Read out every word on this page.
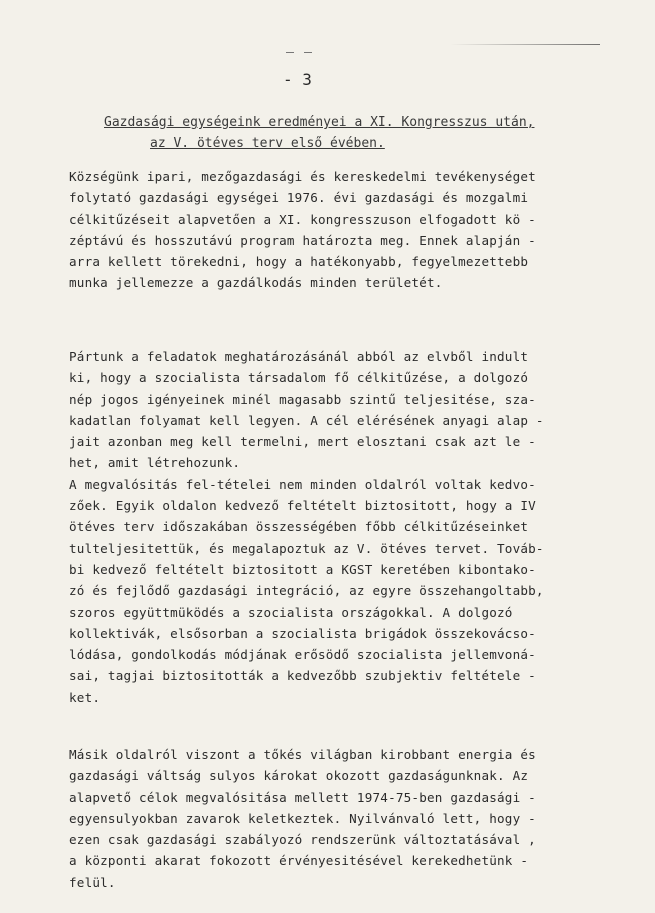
- 3
Gazdasági egységeink eredményei a XI. Kongresszus után,
az V. ötéves terv első évében.
Községünk ipari, mezőgazdasági és kereskedelmi tevékenységet
folytató gazdasági egységei 1976. évi gazdasági és mozgalmi
célkitűzéseit alapvetően a XI. kongresszuson elfogadott kö -
zéptávú és hosszutávú program határozta meg. Ennek alapján -
arra kellett törekedni, hogy a hatékonyabb, fegyelmezettebb
munka jellemezze a gazdálkodás minden területét.
Pártunk a feladatok meghatározásánál abból az elvből indult
ki, hogy a szocialista társadalom fő célkitűzése, a dolgozó
nép jogos igényeinek minél magasabb szintű teljesitése, sza-
kadatlan folyamat kell legyen. A cél elérésének anyagi alap -
jait azonban meg kell termelni, mert elosztani csak azt le -
het, amit létrehozunk.
A megvalósitás fel-tételei nem minden oldalról voltak kedvo-
zőek. Egyik oldalon kedvező feltételt biztositott, hogy a IV
ötéves terv időszakában összességében főbb célkitűzéseinket
tulteljesitettük, és megalapoztuk az V. ötéves tervet. Továb-
bi kedvező feltételt biztositott a KGST keretében kibontako-
zó és fejlődő gazdasági integráció, az egyre összehangoltabb,
szoros együttmüködés a szocialista országokkal. A dolgozó
kollektivák, elsősorban a szocialista brigádok összekovácso-
lódása, gondolkodás módjának erősödő szocialista jellemvoná-
sai, tagjai biztositották a kedvezőbb szubjektiv feltétele -
ket.
Másik oldalról viszont a tőkés világban kirobbant energia és
gazdasági váltság sulyos károkat okozott gazdaságunknak. Az
alapvető célok megvalósitása mellett 1974-75-ben gazdasági -
egyensulyokban zavarok keletkeztek. Nyilvánvaló lett, hogy -
ezen csak gazdasági szabályozó rendszerünk változtatásával ,
a központi akarat fokozott érvényesitésével kerekedhetünk -
felül.
